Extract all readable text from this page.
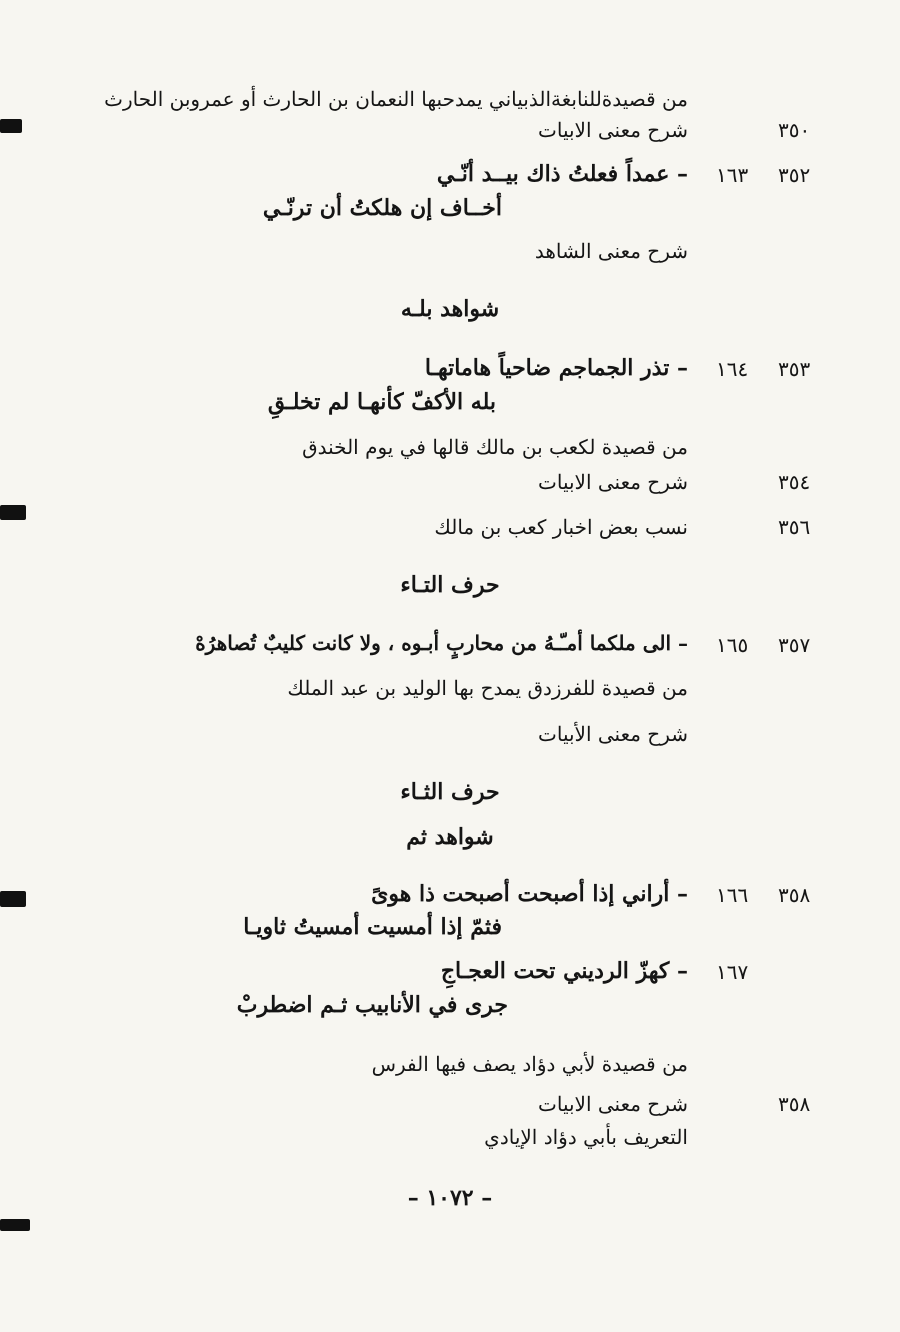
من قصيدةللنابغةالذبياني يمدحبها النعمان بن الحارث أو عمروبن الحارث
٣٥٠
شرح معنى الابيات
٣٥٢
١٦٣
– عمداً فعلتُ ذاك بيــد أنّـي
أخــاف إن هلكتُ أن ترنّـي
شرح معنى الشاهد
شواهد بلـه
٣٥٣
١٦٤
– تذر الجماجم ضاحياً هاماتهـا
بله الأكفّ كأنهـا لم تخلـقِ
من قصيدة لكعب بن مالك قالها في يوم الخندق
٣٥٤
شرح معنى الابيات
٣٥٦
نسب بعض اخبار كعب بن مالك
حرف التـاء
٣٥٧
١٦٥
– الى ملكما أمـّـهُ من محاربٍ أبـوه ، ولا كانت كليبٌ تُصاهرُهْ
من قصيدة للفرزدق يمدح بها الوليد بن عبد الملك
شرح معنى الأبيات
حرف الثـاء
شواهد ثم
٣٥٨
١٦٦
– أراني إذا أصبحت أصبحت ذا هوىً
فثمّ إذا أمسيت أمسيتُ ثاويـا
١٦٧
– كهزّ الرديني تحت العجـاجِ
جرى في الأنابيب ثـم اضطربْ
من قصيدة لأبي دؤاد يصف فيها الفرس
٣٥٨
شرح معنى الابيات
التعريف بأبي دؤاد الإيادي
– ١٠٧٢ –
